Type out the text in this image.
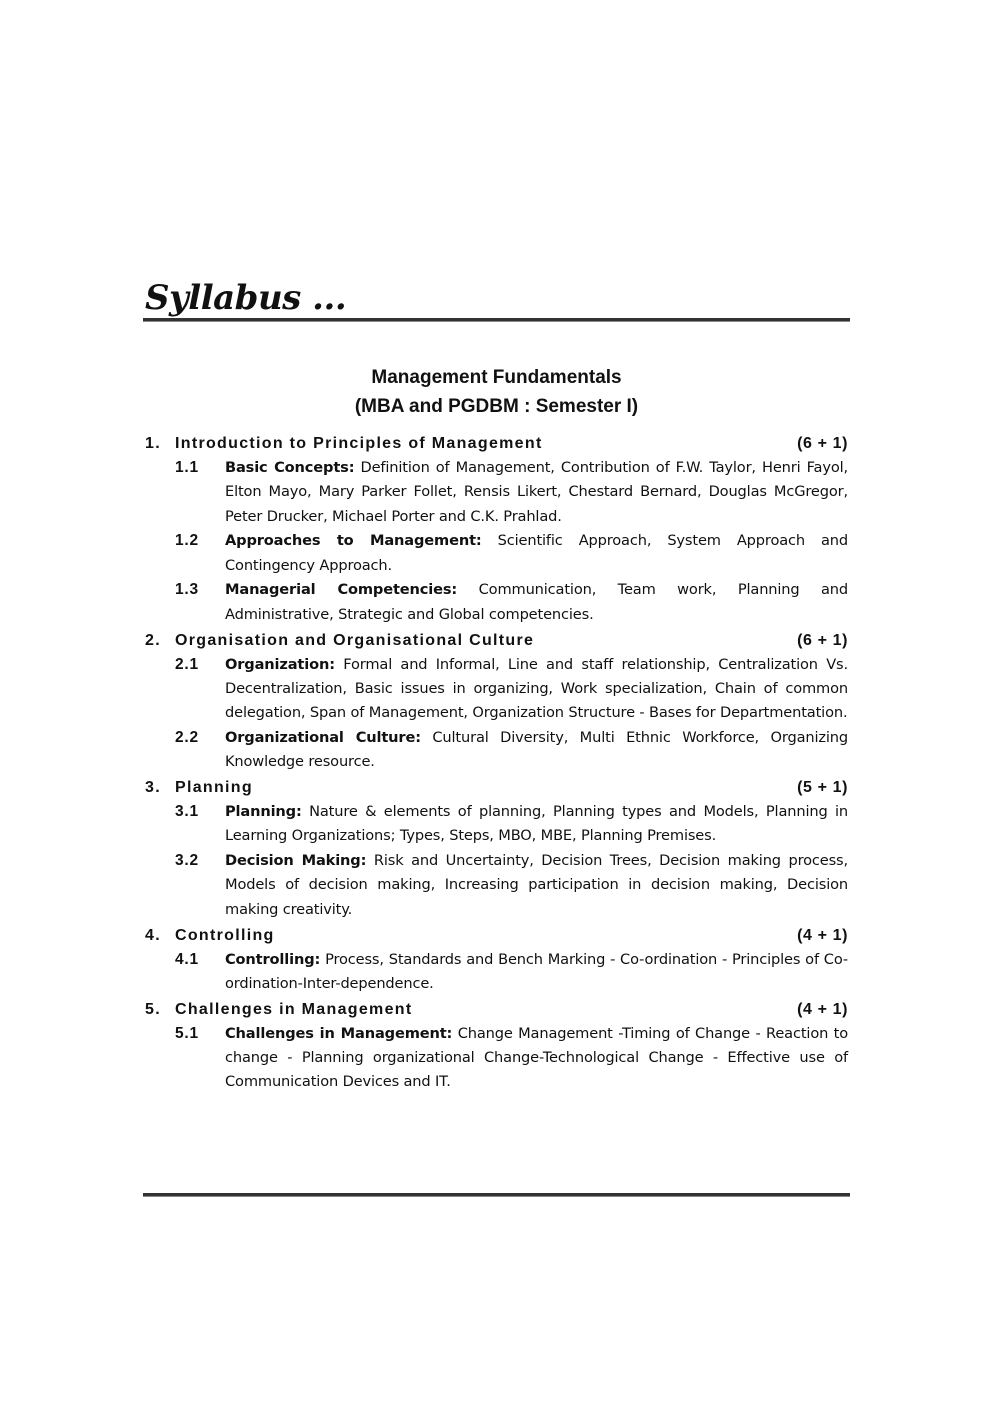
Syllabus ...
Management Fundamentals
(MBA and PGDBM : Semester I)
1. Introduction to Principles of Management	(6 + 1)
1.1	Basic Concepts: Definition of Management, Contribution of F.W. Taylor, Henri Fayol, Elton Mayo, Mary Parker Follet, Rensis Likert, Chestard Bernard, Douglas McGregor, Peter Drucker, Michael Porter and C.K. Prahlad.
1.2	Approaches to Management: Scientific Approach, System Approach and Contingency Approach.
1.3	Managerial Competencies: Communication, Team work, Planning and Administrative, Strategic and Global competencies.
2. Organisation and Organisational Culture	(6 + 1)
2.1	Organization: Formal and Informal, Line and staff relationship, Centralization Vs. Decentralization, Basic issues in organizing, Work specialization, Chain of common delegation, Span of Management, Organization Structure - Bases for Departmentation.
2.2	Organizational Culture: Cultural Diversity, Multi Ethnic Workforce, Organizing Knowledge resource.
3. Planning	(5 + 1)
3.1	Planning: Nature & elements of planning, Planning types and Models, Planning in Learning Organizations; Types, Steps, MBO, MBE, Planning Premises.
3.2	Decision Making: Risk and Uncertainty, Decision Trees, Decision making process, Models of decision making, Increasing participation in decision making, Decision making creativity.
4. Controlling	(4 + 1)
4.1	Controlling: Process, Standards and Bench Marking - Co-ordination - Principles of Co-ordination-Inter-dependence.
5. Challenges in Management	(4 + 1)
5.1	Challenges in Management: Change Management -Timing of Change - Reaction to change - Planning organizational Change-Technological Change - Effective use of Communication Devices and IT.
